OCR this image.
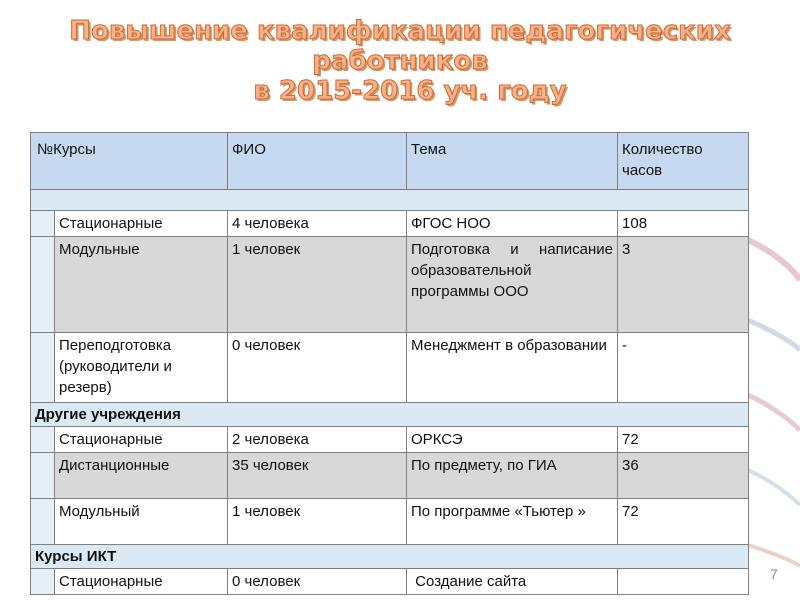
Повышение квалификации педагогических
работников
в 2015-2016 уч. году
№Курсы		ФИО	Тема	Количество часов

	Стационарные	4 человека	ФГОС НОО	108
	Модульные	1 человек	Подготовка и написание образовательной программы ООО	3
	Переподготовка (руководители и резерв)	0 человек	Менеджмент в образовании	-
Другие учреждения				
	Стационарные	2 человека	ОРКСЭ	72
	Дистанционные	35 человек	По предмету, по ГИА	36
	Модульный	1 человек	По программе «Тьютер »	72
Курсы ИКТ				
	Стационарные	0 человек	Создание сайта		7
